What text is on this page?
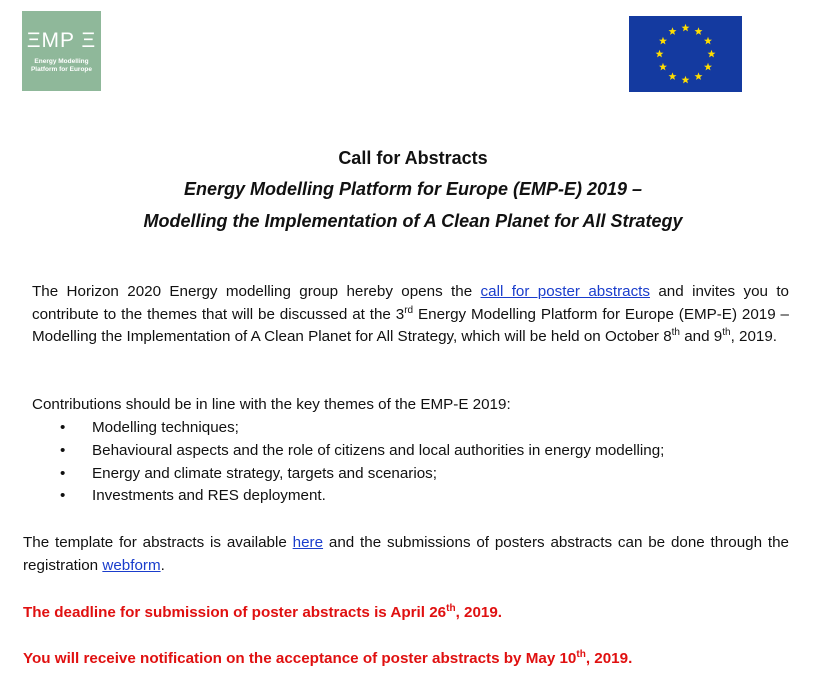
ΞMP Ξ
Energy Modelling
Platform for Europe
Call for Abstracts
Energy Modelling Platform for Europe (EMP-E) 2019 –
Modelling the Implementation of A Clean Planet for All Strategy
The Horizon 2020 Energy modelling group hereby opens the call for poster abstracts and invites you to contribute to the themes that will be discussed at the 3rd Energy Modelling Platform for Europe (EMP-E) 2019 – Modelling the Implementation of A Clean Planet for All Strategy, which will be held on October 8th and 9th, 2019.
Contributions should be in line with the key themes of the EMP-E 2019:
• Modelling techniques;
• Behavioural aspects and the role of citizens and local authorities in energy modelling;
• Energy and climate strategy, targets and scenarios;
• Investments and RES deployment.
The template for abstracts is available here and the submissions of posters abstracts can be done through the registration webform.
The deadline for submission of poster abstracts is April 26th, 2019.
You will receive notification on the acceptance of poster abstracts by May 10th, 2019.
